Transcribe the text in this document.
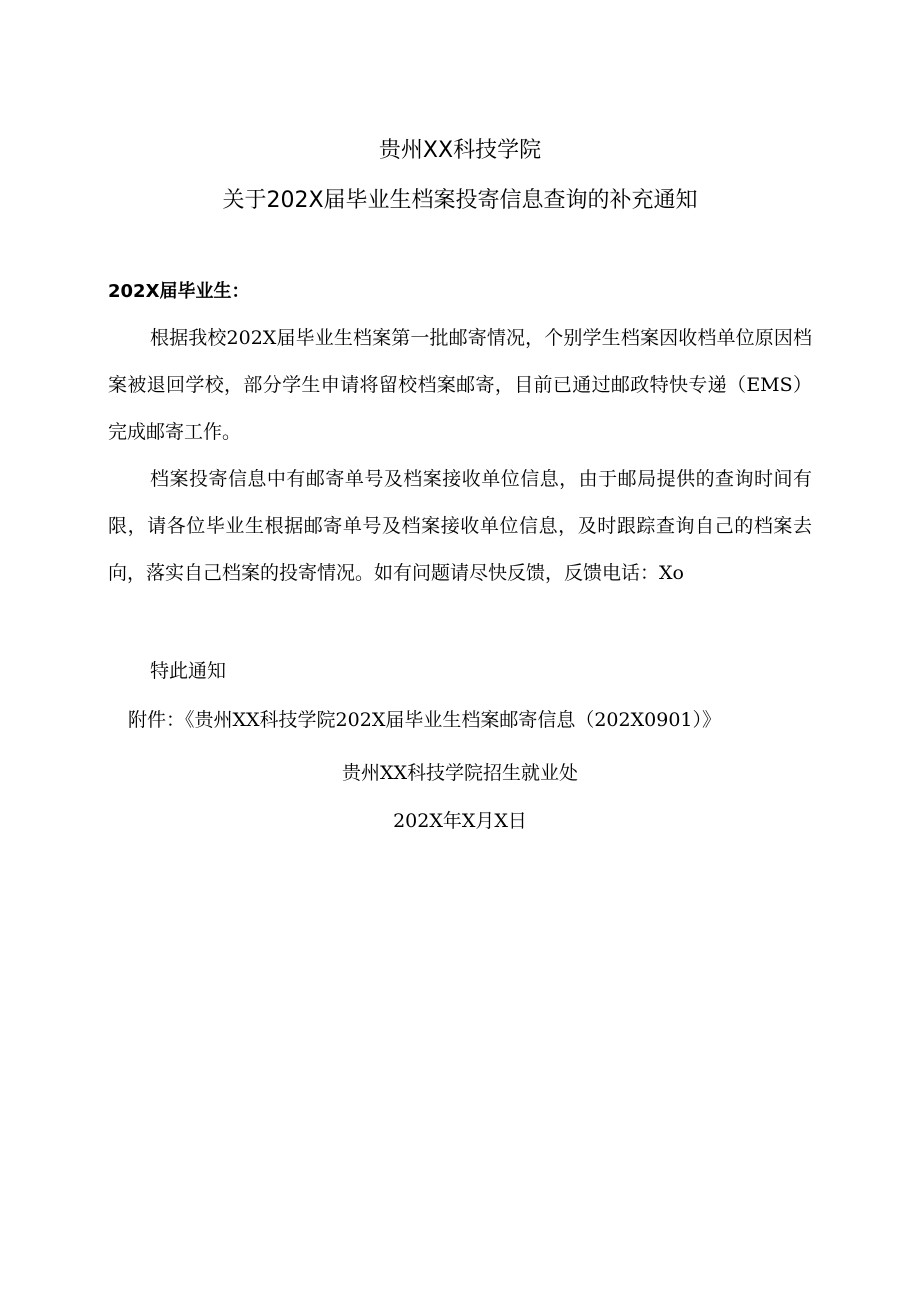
贵州XX科技学院
关于202X届毕业生档案投寄信息查询的补充通知
202X届毕业生：

根据我校202X届毕业生档案第一批邮寄情况，个别学生档案因收档单位原因档案被退回学校，部分学生申请将留校档案邮寄，目前已通过邮政特快专递（EMS）完成邮寄工作。

档案投寄信息中有邮寄单号及档案接收单位信息，由于邮局提供的查询时间有限，请各位毕业生根据邮寄单号及档案接收单位信息，及时跟踪查询自己的档案去向，落实自己档案的投寄情况。如有问题请尽快反馈，反馈电话：Xo

特此通知
附件：《贵州XX科技学院202X届毕业生档案邮寄信息（202X0901）》
贵州XX科技学院招生就业处
202X年X月X日
